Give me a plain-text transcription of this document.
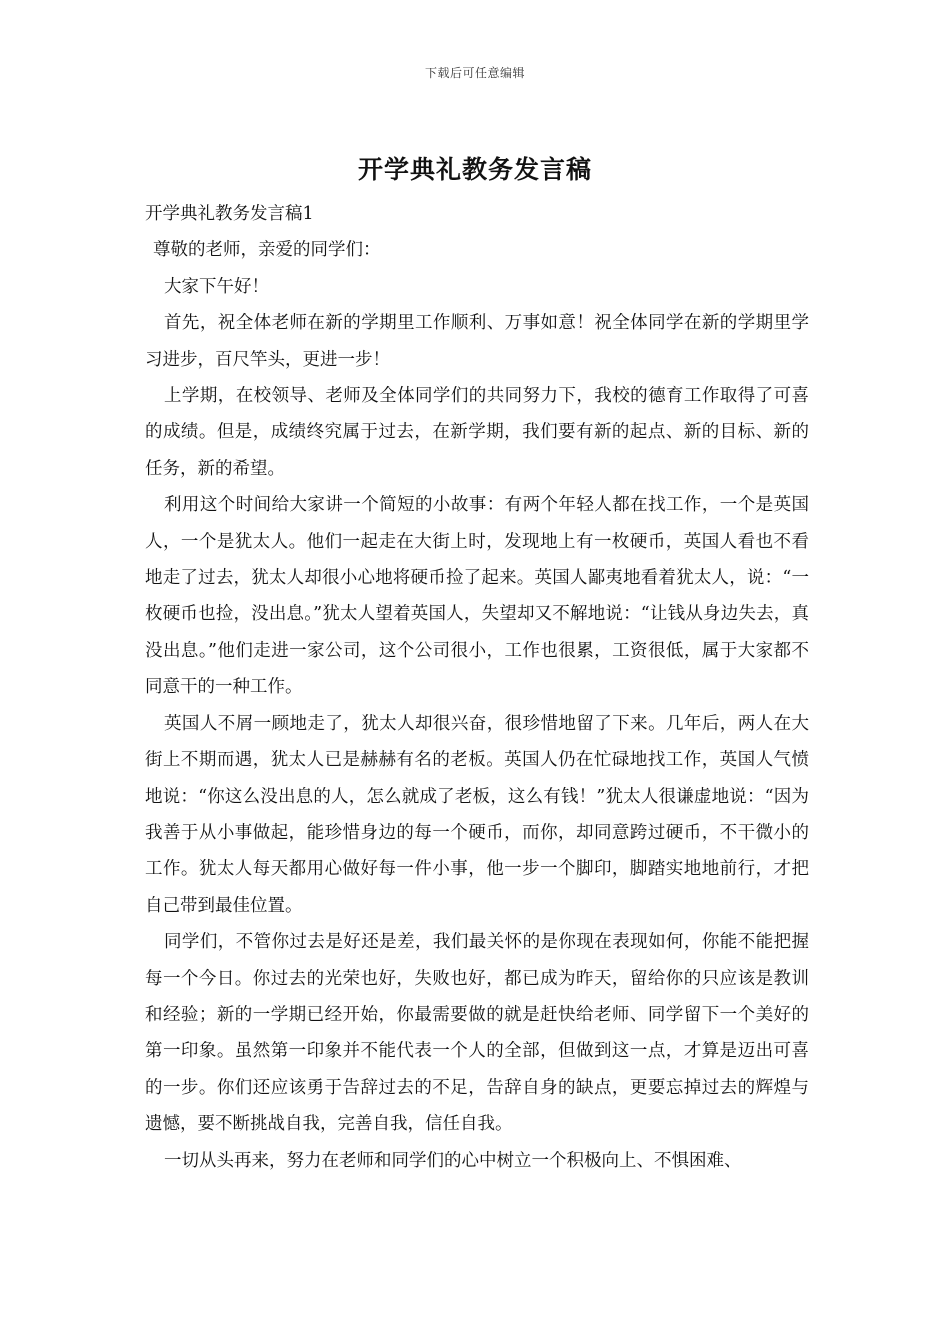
下载后可任意编辑
开学典礼教务发言稿

开学典礼教务发言稿1

尊敬的老师，亲爱的同学们：

大家下午好！

首先，祝全体老师在新的学期里工作顺利、万事如意！祝全体同学在新的学期里学习进步，百尺竿头，更进一步！

上学期，在校领导、老师及全体同学们的共同努力下，我校的德育工作取得了可喜的成绩。但是，成绩终究属于过去，在新学期，我们要有新的起点、新的目标、新的任务，新的希望。

利用这个时间给大家讲一个简短的小故事：有两个年轻人都在找工作，一个是英国人，一个是犹太人。他们一起走在大街上时，发现地上有一枚硬币，英国人看也不看地走了过去，犹太人却很小心地将硬币捡了起来。英国人鄙夷地看着犹太人，说：“一枚硬币也捡，没出息。”犹太人望着英国人，失望却又不解地说：“让钱从身边失去，真没出息。”他们走进一家公司，这个公司很小，工作也很累，工资很低，属于大家都不同意干的一种工作。

英国人不屑一顾地走了，犹太人却很兴奋，很珍惜地留了下来。几年后，两人在大街上不期而遇，犹太人已是赫赫有名的老板。英国人仍在忙碌地找工作，英国人气愤地说：“你这么没出息的人，怎么就成了老板，这么有钱！”犹太人很谦虚地说：“因为我善于从小事做起，能珍惜身边的每一个硬币，而你，却同意跨过硬币，不干微小的工作。犹太人每天都用心做好每一件小事，他一步一个脚印，脚踏实地地前行，才把自己带到最佳位置。

同学们，不管你过去是好还是差，我们最关怀的是你现在表现如何，你能不能把握每一个今日。你过去的光荣也好，失败也好，都已成为昨天，留给你的只应该是教训和经验；新的一学期已经开始，你最需要做的就是赶快给老师、同学留下一个美好的第一印象。虽然第一印象并不能代表一个人的全部，但做到这一点，才算是迈出可喜的一步。你们还应该勇于告辞过去的不足，告辞自身的缺点，更要忘掉过去的辉煌与遗憾，要不断挑战自我，完善自我，信任自我。

一切从头再来，努力在老师和同学们的心中树立一个积极向上、不惧困难、
